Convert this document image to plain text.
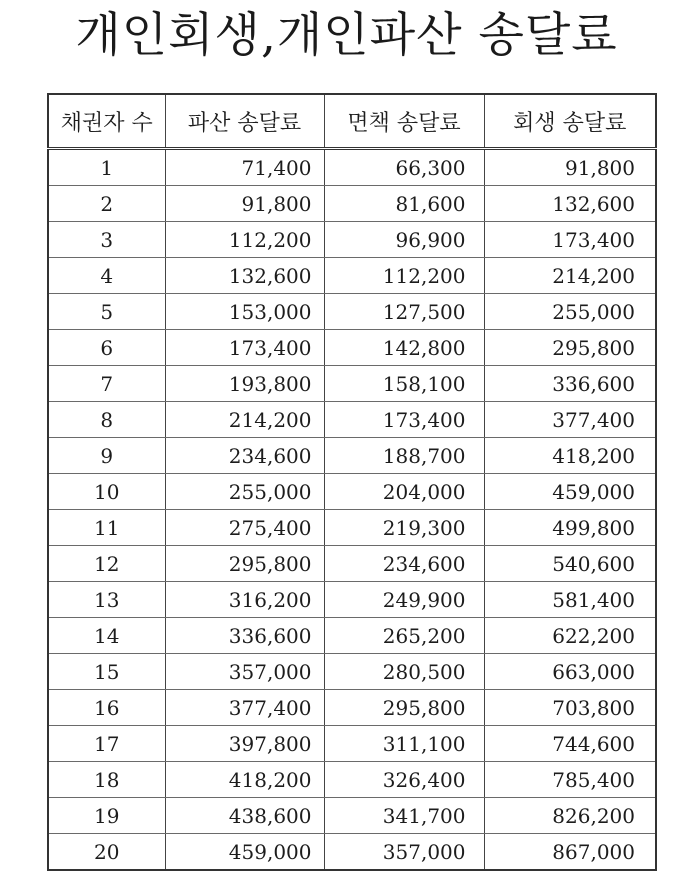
개인회생,개인파산 송달료
채권자 수	파산 송달료	면책 송달료	회생 송달료
1	71,400	66,300	91,800
2	91,800	81,600	132,600
3	112,200	96,900	173,400
4	132,600	112,200	214,200
5	153,000	127,500	255,000
6	173,400	142,800	295,800
7	193,800	158,100	336,600
8	214,200	173,400	377,400
9	234,600	188,700	418,200
10	255,000	204,000	459,000
11	275,400	219,300	499,800
12	295,800	234,600	540,600
13	316,200	249,900	581,400
14	336,600	265,200	622,200
15	357,000	280,500	663,000
16	377,400	295,800	703,800
17	397,800	311,100	744,600
18	418,200	326,400	785,400
19	438,600	341,700	826,200
20	459,000	357,000	867,000
